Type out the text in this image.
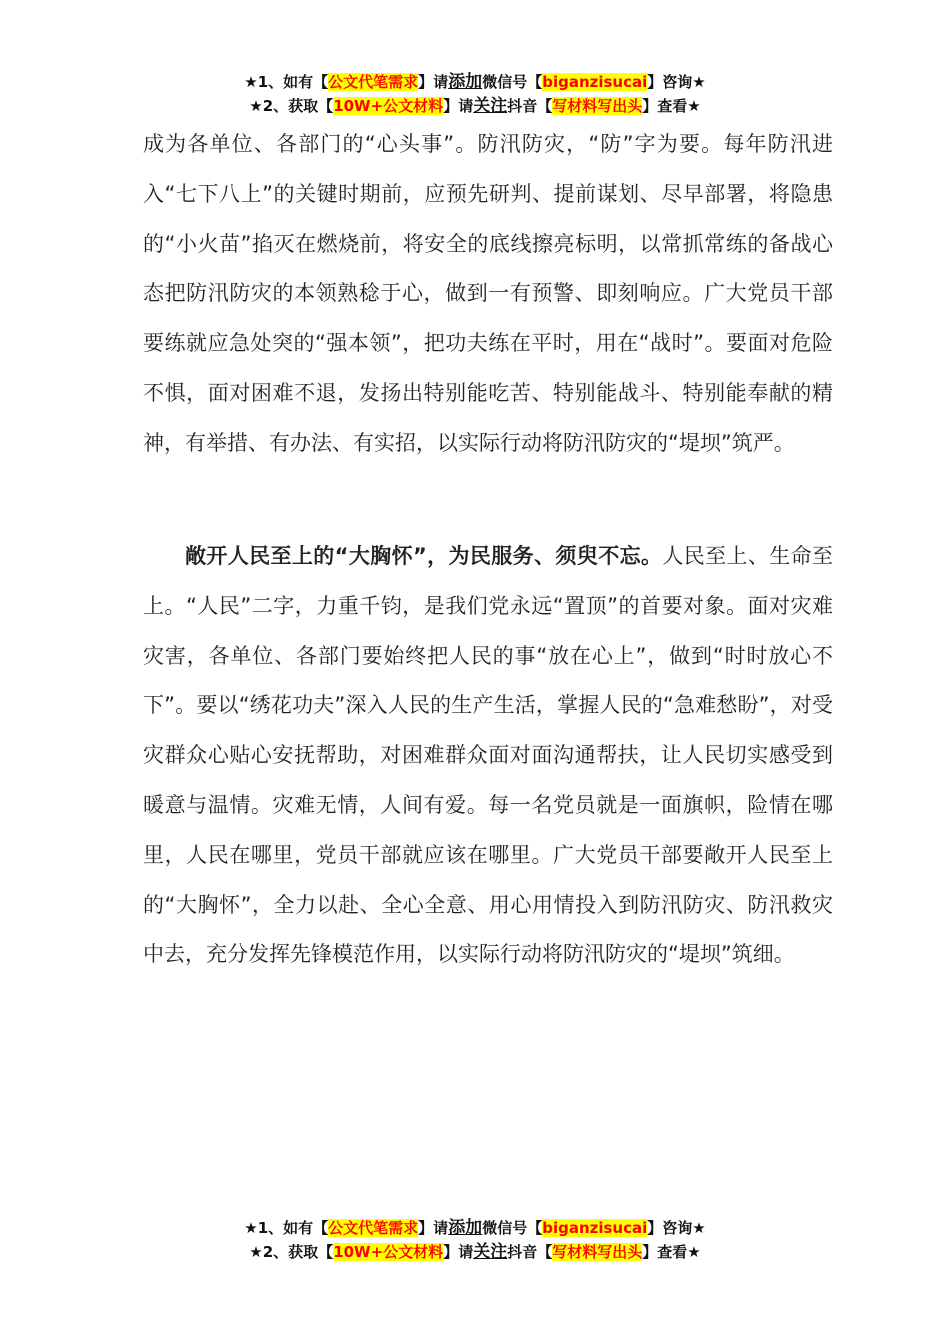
★1、如有【公文代笔需求】请添加微信号【biganzisucai】咨询★
★2、获取【10W+公文材料】请关注抖音【写材料写出头】查看★

成为各单位、各部门的“心头事”。防汛防灾，“防”字为要。每年防汛进入“七下八上”的关键时期前，应预先研判、提前谋划、尽早部署，将隐患的“小火苗”掐灭在燃烧前，将安全的底线擦亮标明，以常抓常练的备战心态把防汛防灾的本领熟稔于心，做到一有预警、即刻响应。广大党员干部要练就应急处突的“强本领”，把功夫练在平时，用在“战时”。要面对危险不惧，面对困难不退，发扬出特别能吃苦、特别能战斗、特别能奉献的精神，有举措、有办法、有实招，以实际行动将防汛防灾的“堤坝”筑严。

敞开人民至上的“大胸怀”，为民服务、须臾不忘。人民至上、生命至上。“人民”二字，力重千钧，是我们党永远“置顶”的首要对象。面对灾难灾害，各单位、各部门要始终把人民的事“放在心上”，做到“时时放心不下”。要以“绣花功夫”深入人民的生产生活，掌握人民的“急难愁盼”，对受灾群众心贴心安抚帮助，对困难群众面对面沟通帮扶，让人民切实感受到暖意与温情。灾难无情，人间有爱。每一名党员就是一面旗帜，险情在哪里，人民在哪里，党员干部就应该在哪里。广大党员干部要敞开人民至上的“大胸怀”，全力以赴、全心全意、用心用情投入到防汛防灾、防汛救灾中去，充分发挥先锋模范作用，以实际行动将防汛防灾的“堤坝”筑细。

★1、如有【公文代笔需求】请添加微信号【biganzisucai】咨询★
★2、获取【10W+公文材料】请关注抖音【写材料写出头】查看★
